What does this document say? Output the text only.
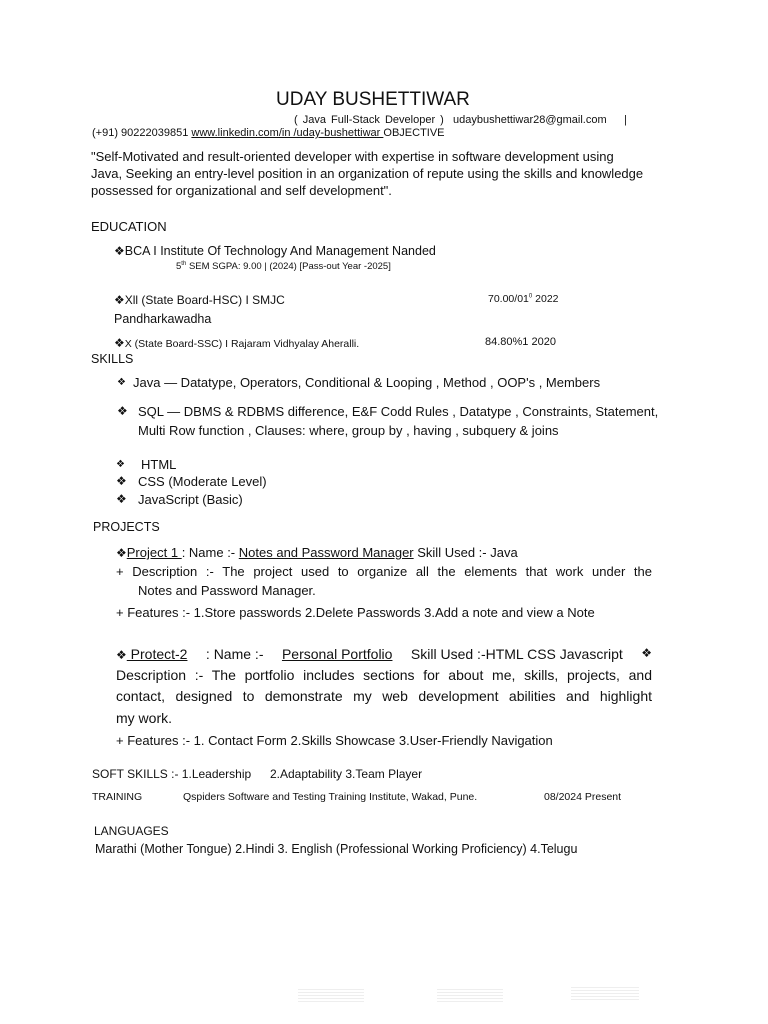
UDAY BUSHETTIWAR
( Java Full-Stack Developer ) udaybushettiwar28@gmail.com |
(+91) 90222039851 www.linkedin.com/in /uday-bushettiwar OBJECTIVE
"Self-Motivated and result-oriented developer with expertise in software development using
Java, Seeking an entry-level position in an organization of repute using the skills and knowledge
possessed for organizational and self development".
EDUCATION
❖BCA I Institute Of Technology And Management Nanded
5th SEM SGPA: 9.00 | (2024) [Pass-out Year -2025]
❖Xll (State Board-HSC) I SMJC	$70.00/01^0$ 2022
Pandharkawadha
❖X (State Board-SSC) I Rajaram Vidhyalay Aheralli.	84.80%1 2020
SKILLS
❖ Java — Datatype, Operators, Conditional & Looping , Method , OOP's , Members
❖ SQL — DBMS & RDBMS difference, E&F Codd Rules , Datatype , Constraints, Statement,
Multi Row function , Clauses: where, group by , having , subquery & joins
❖ HTML
❖ CSS (Moderate Level)
❖ JavaScript (Basic)
PROJECTS
❖Project 1 : Name :- Notes and Password Manager Skill Used :- Java
+ Description :- The project used to organize all the elements that work under the
Notes and Password Manager.
+ Features :- 1.Store passwords 2.Delete Passwords 3.Add a note and view a Note
❖ Protect-2 : Name :- Personal Portfolio Skill Used :-HTML CSS Javascript ❖
Description :- The portfolio includes sections for about me, skills, projects, and
contact, designed to demonstrate my web development abilities and highlight
my work.
+ Features :- 1. Contact Form 2.Skills Showcase 3.User-Friendly Navigation
SOFT SKILLS :- 1.Leadership 2.Adaptability 3.Team Player
TRAINING	Qspiders Software and Testing Training Institute, Wakad, Pune.	08/2024 Present
LANGUAGES
Marathi (Mother Tongue) 2.Hindi 3. English (Professional Working Proficiency) 4.Telugu
